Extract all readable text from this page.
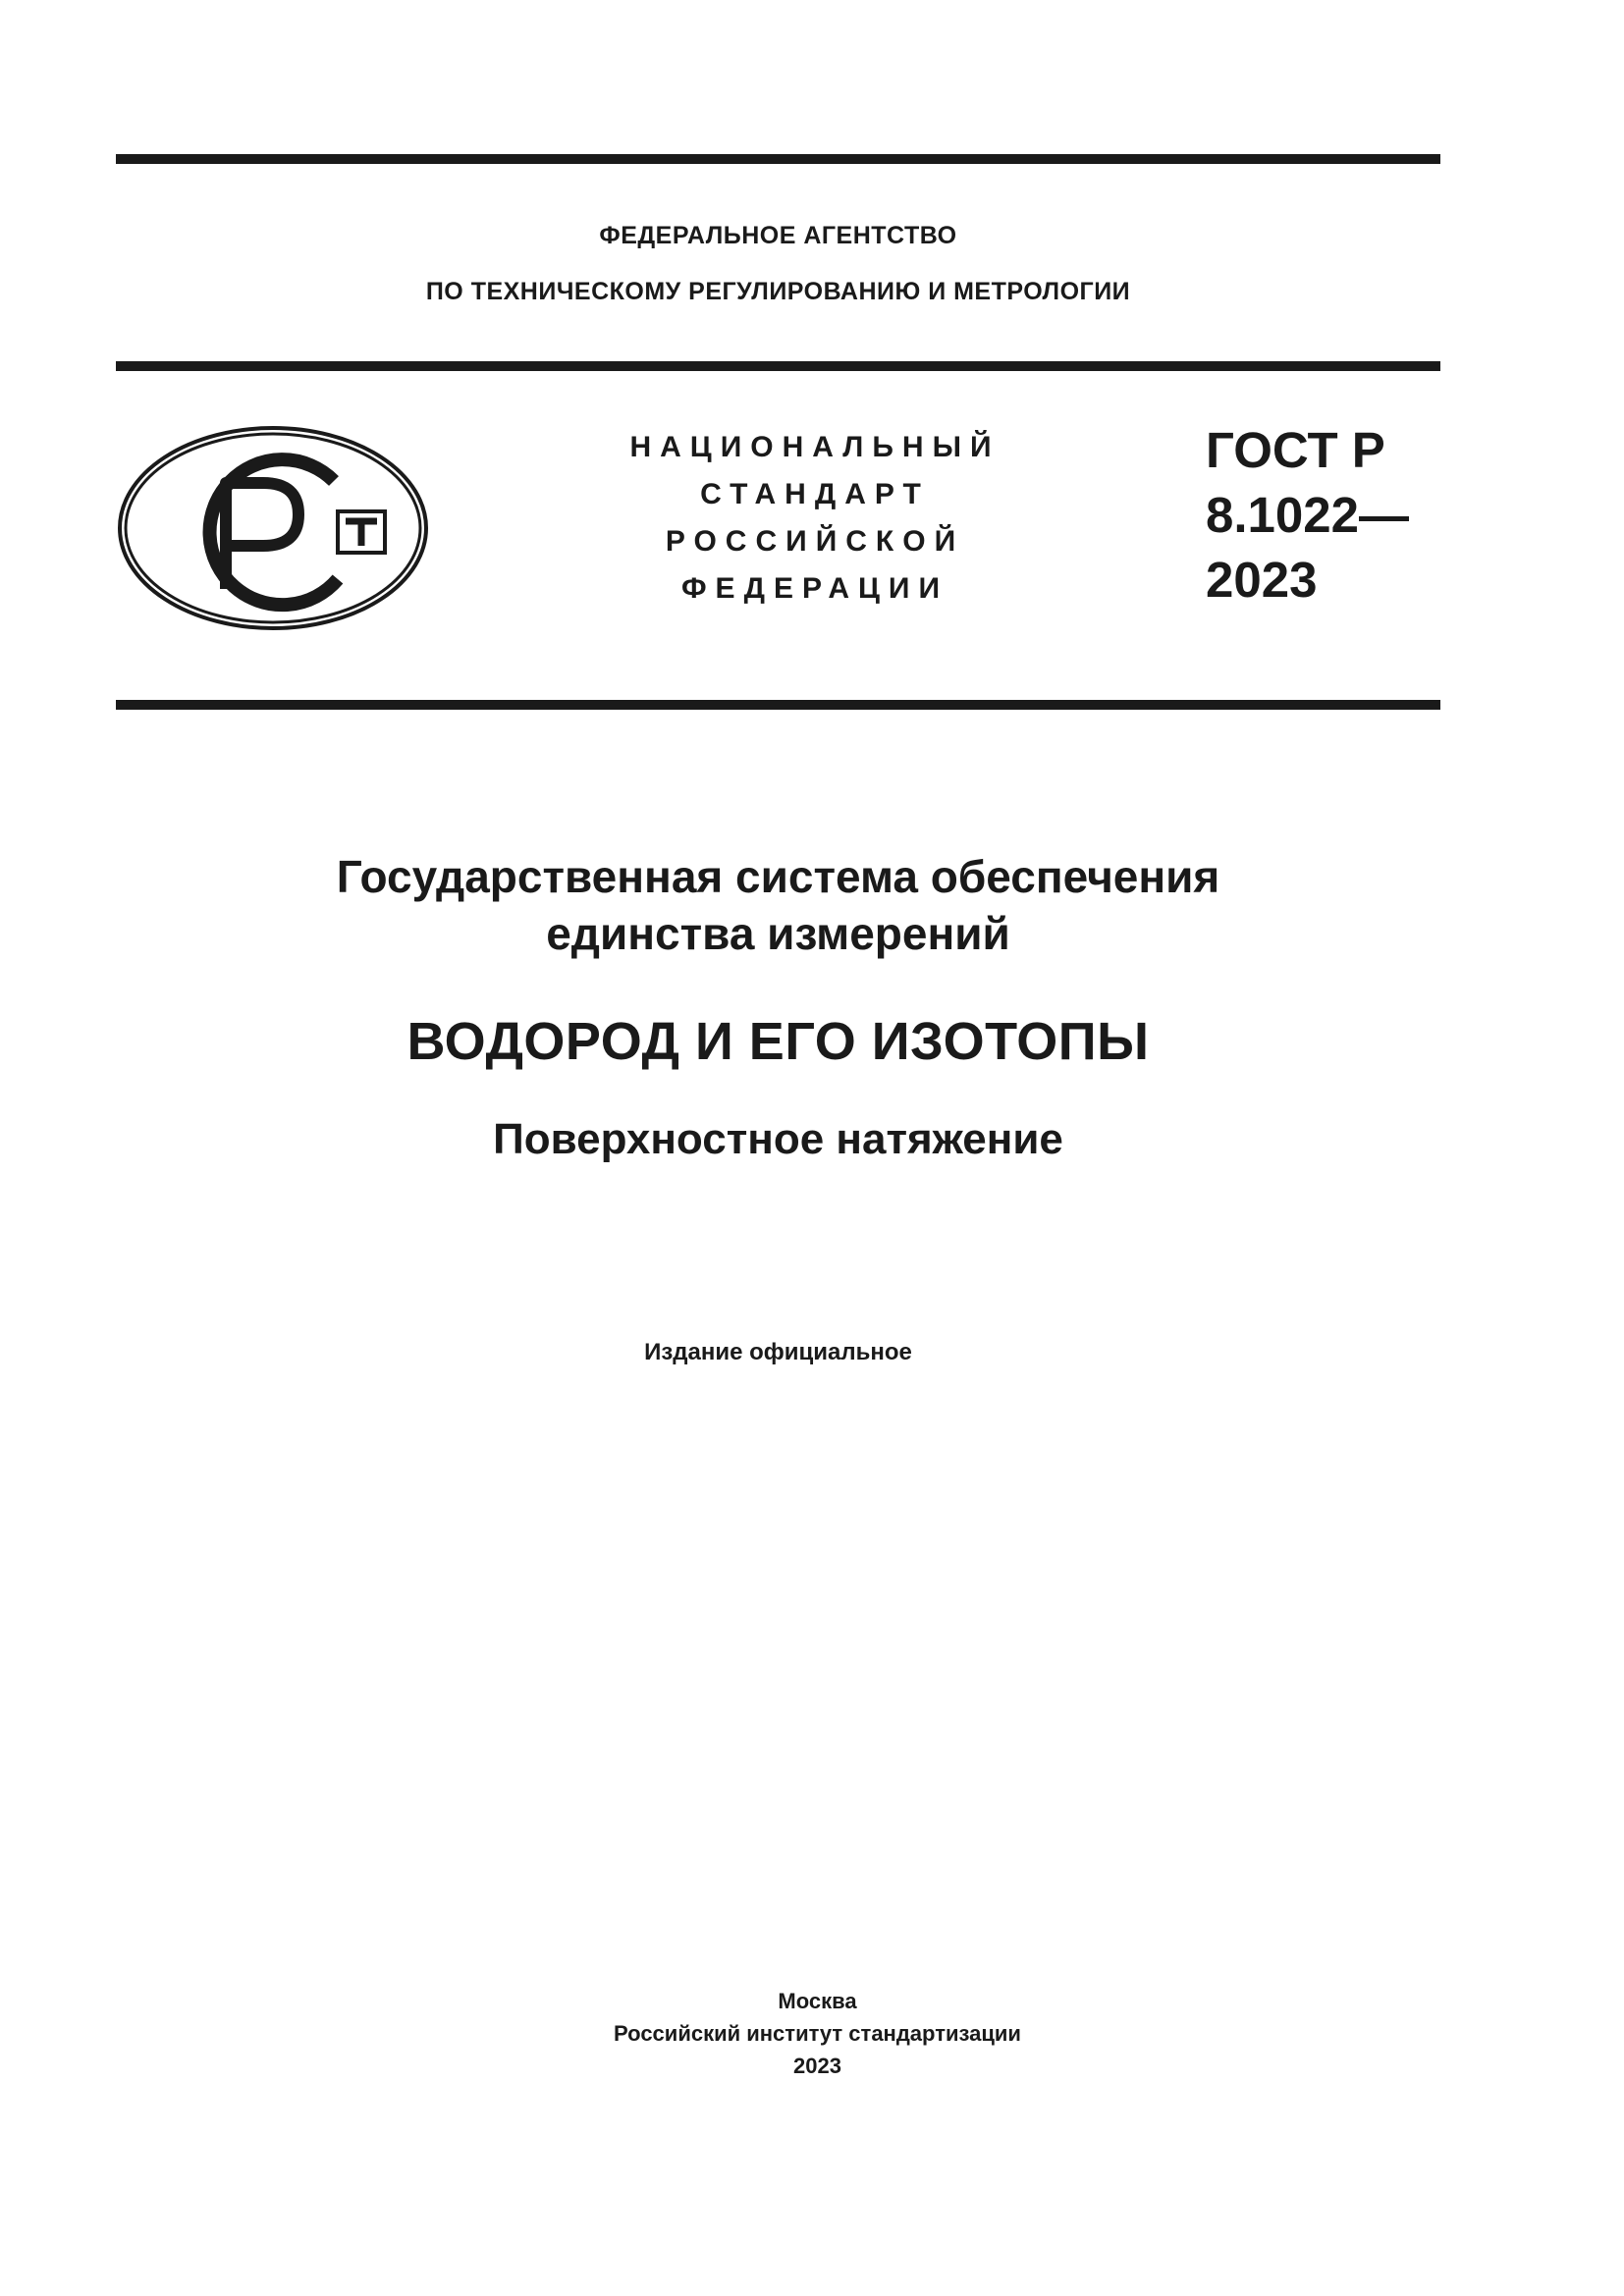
ФЕДЕРАЛЬНОЕ АГЕНТСТВО
ПО ТЕХНИЧЕСКОМУ РЕГУЛИРОВАНИЮ И МЕТРОЛОГИИ
НАЦИОНАЛЬНЫЙ
СТАНДАРТ
РОССИЙСКОЙ
ФЕДЕРАЦИИ
ГОСТ Р
8.1022—
2023
Государственная система обеспечения
единства измерений
ВОДОРОД И ЕГО ИЗОТОПЫ
Поверхностное натяжение
Издание официальное
Москва
Российский институт стандартизации
2023
